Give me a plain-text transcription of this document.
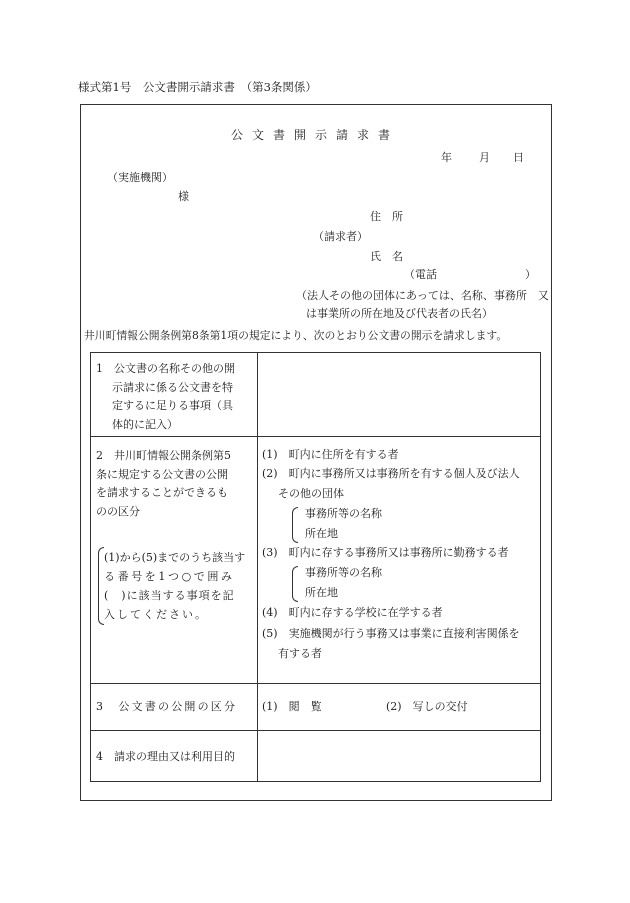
様式第1号　公文書開示請求書　（第3条関係）
公文書開示請求書
年 月 日
（実施機関）
様
住　所
（請求者）
氏　名
（電話　　　　　　　　）
（法人その他の団体にあっては、名称、事務所　又
は事業所の所在地及び代表者の氏名）
井川町情報公開条例第8条第1項の規定により、次のとおり公文書の開示を請求します。
1　公文書の名称その他の開
示請求に係る公文書を特
定するに足りる事項（具
体的に記入）
2　井川町情報公開条例第5
条に規定する公文書の公開
を請求することができるも
のの区分
(1)から(5)までのうち該当す
る番号を1つ○で囲み
(　)に該当する事項を記
入してください。
(1)　町内に住所を有する者
(2)　町内に事務所又は事務所を有する個人及び法人
その他の団体
事務所等の名称
所在地
(3)　町内に存する事務所又は事務所に勤務する者
事務所等の名称
所在地
(4)　町内に存する学校に在学する者
(5)　実施機関が行う事務又は事業に直接利害関係を
有する者
3　公文書の公開の区分 (1)　閲　覧	(2)　写しの交付
4　請求の理由又は利用目的
